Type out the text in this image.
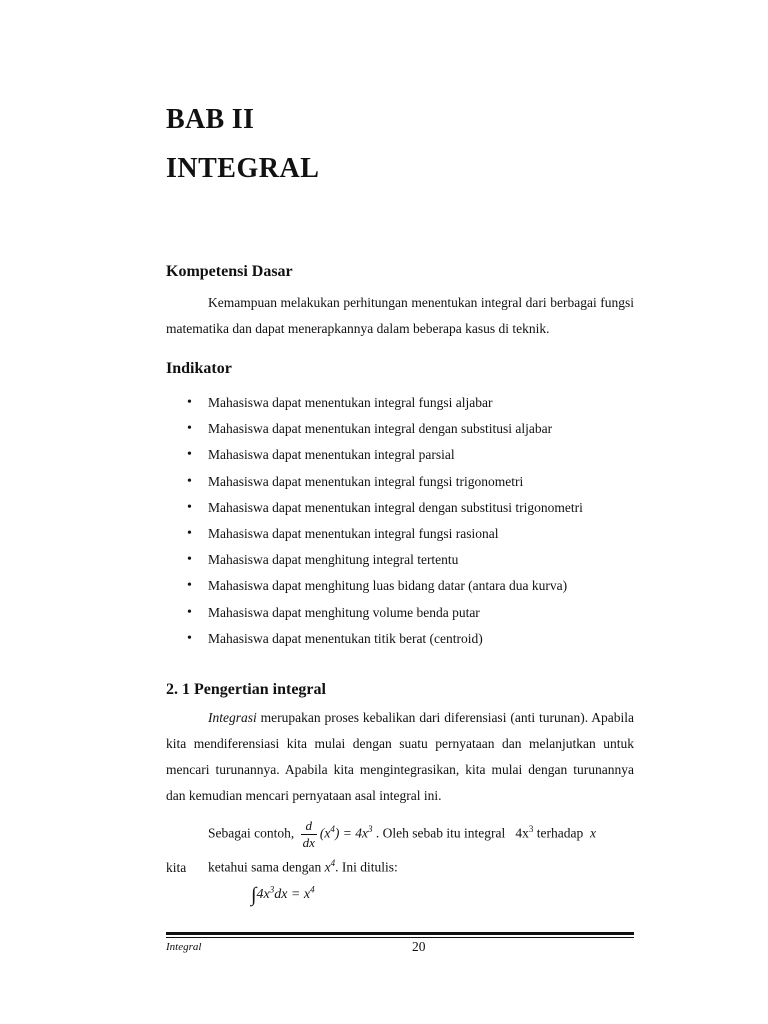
BAB II
INTEGRAL
Kompetensi Dasar
Kemampuan melakukan perhitungan menentukan integral dari berbagai fungsi matematika dan dapat menerapkannya dalam beberapa kasus di teknik.
Indikator
• Mahasiswa dapat menentukan integral fungsi aljabar
• Mahasiswa dapat menentukan integral dengan substitusi aljabar
• Mahasiswa dapat menentukan integral parsial
• Mahasiswa dapat menentukan integral fungsi trigonometri
• Mahasiswa dapat menentukan integral dengan substitusi trigonometri
• Mahasiswa dapat menentukan integral fungsi rasional
• Mahasiswa dapat menghitung integral tertentu
• Mahasiswa dapat menghitung luas bidang datar (antara dua kurva)
• Mahasiswa dapat menghitung volume benda putar
• Mahasiswa dapat menentukan titik berat (centroid)
2. 1 Pengertian integral
Integrasi merupakan proses kebalikan dari diferensiasi (anti turunan). Apabila kita mendiferensiasi kita mulai dengan suatu pernyataan dan melanjutkan untuk mencari turunannya. Apabila kita mengintegrasikan, kita mulai dengan turunannya dan kemudian mencari pernyataan asal integral ini.
Sebagai contoh, $\frac{d}{dx} (x^4) = 4x^3$ . Oleh sebab itu integral $4x^3$ terhadap x
kita ketahui sama dengan $x^4$. Ini ditulis:
$\int 4x^3dx = x^4$
Integral	20
